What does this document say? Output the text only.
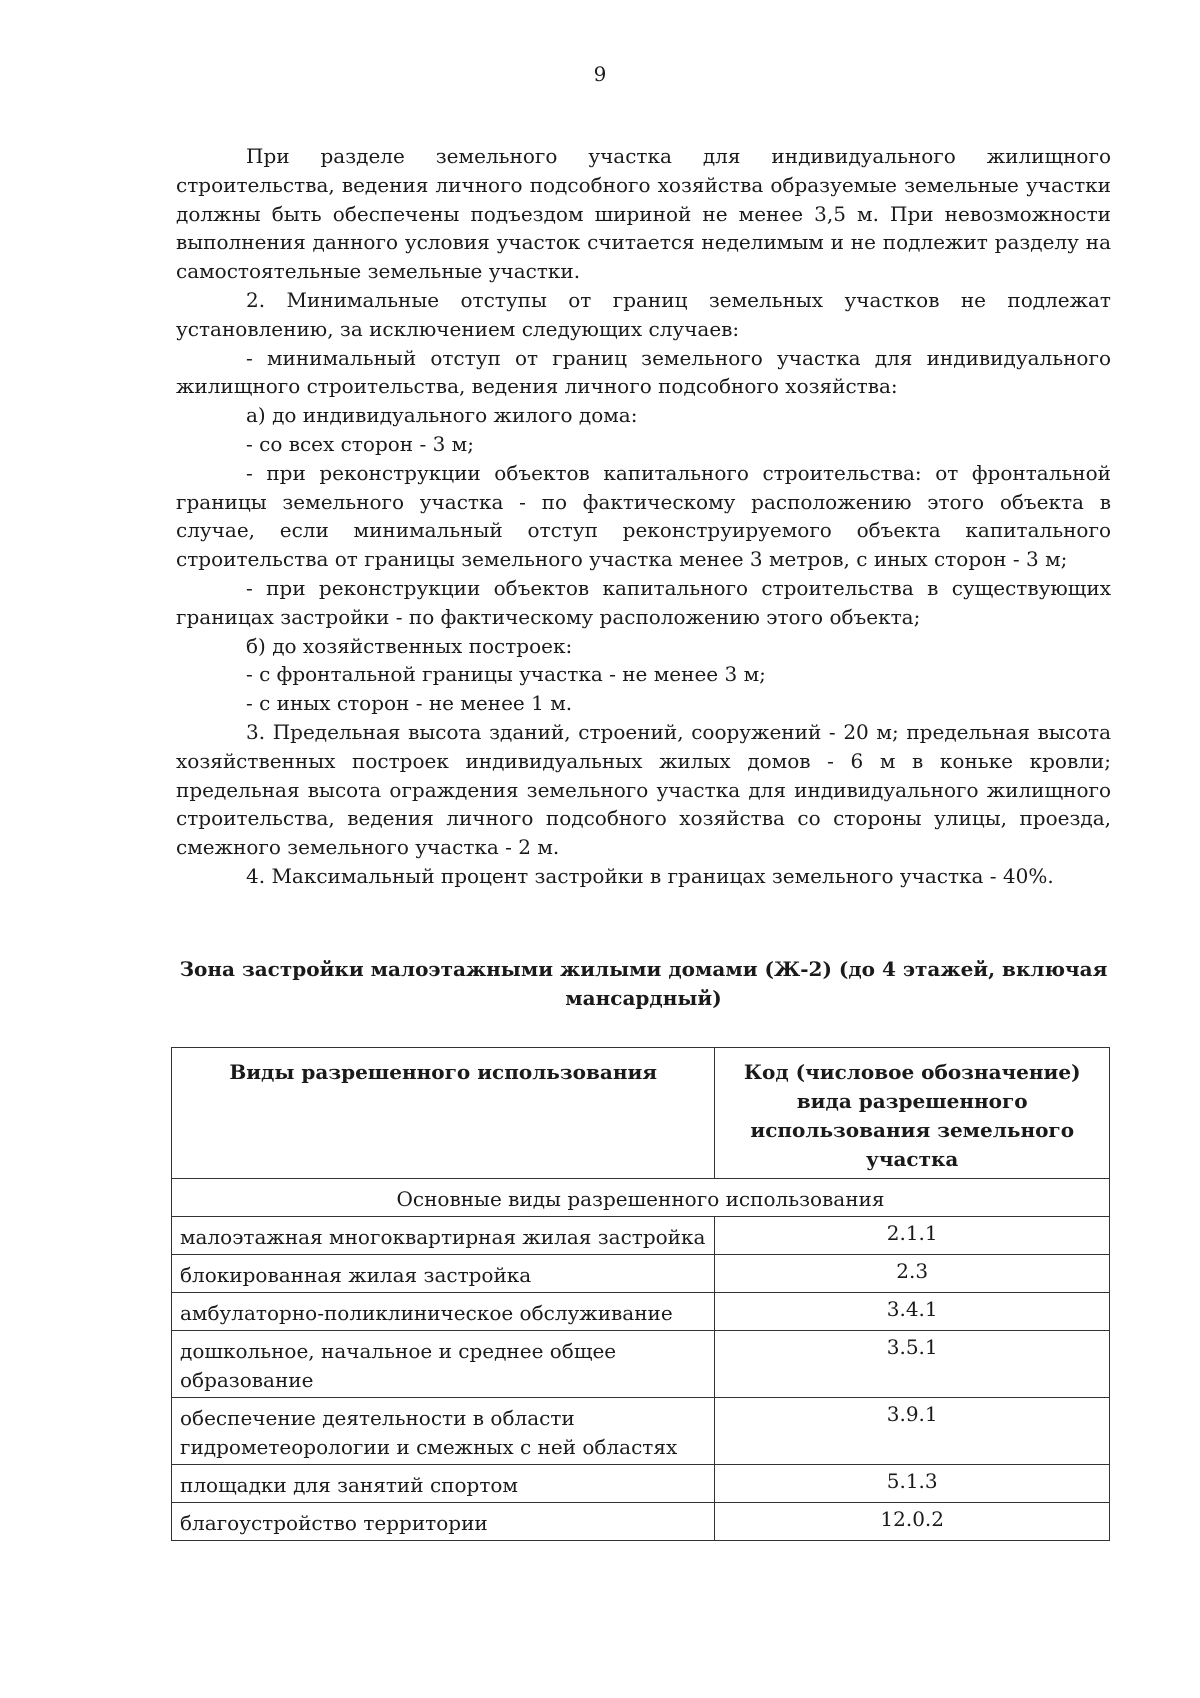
9

При разделе земельного участка для индивидуального жилищного строительства, ведения личного подсобного хозяйства образуемые земельные участки должны быть обеспечены подъездом шириной не менее 3,5 м. При невозможности выполнения данного условия участок считается неделимым и не подлежит разделу на самостоятельные земельные участки.

2. Минимальные отступы от границ земельных участков не подлежат установлению, за исключением следующих случаев:

- минимальный отступ от границ земельного участка для индивидуального жилищного строительства, ведения личного подсобного хозяйства:

а) до индивидуального жилого дома:

- со всех сторон - 3 м;

- при реконструкции объектов капитального строительства: от фронтальной границы земельного участка - по фактическому расположению этого объекта в случае, если минимальный отступ реконструируемого объекта капитального строительства от границы земельного участка менее 3 метров, с иных сторон - 3 м;

- при реконструкции объектов капитального строительства в существующих границах застройки - по фактическому расположению этого объекта;

б) до хозяйственных построек:

- с фронтальной границы участка - не менее 3 м;

- с иных сторон - не менее 1 м.

3. Предельная высота зданий, строений, сооружений - 20 м; предельная высота хозяйственных построек индивидуальных жилых домов - 6 м в коньке кровли; предельная высота ограждения земельного участка для индивидуального жилищного строительства, ведения личного подсобного хозяйства со стороны улицы, проезда, смежного земельного участка - 2 м.

4. Максимальный процент застройки в границах земельного участка - 40%.

Зона застройки малоэтажными жилыми домами (Ж-2) (до 4 этажей, включая мансардный)
Виды разрешенного использования	Код (числовое обозначение) вида разрешенного использования земельного участка
Основные виды разрешенного использования	
малоэтажная многоквартирная жилая застройка	2.1.1
блокированная жилая застройка	2.3
амбулаторно-поликлиническое обслуживание	3.4.1
дошкольное, начальное и среднее общее образование	3.5.1
обеспечение деятельности в области гидрометеорологии и смежных с ней областях	3.9.1
площадки для занятий спортом	5.1.3
благоустройство территории	12.0.2
